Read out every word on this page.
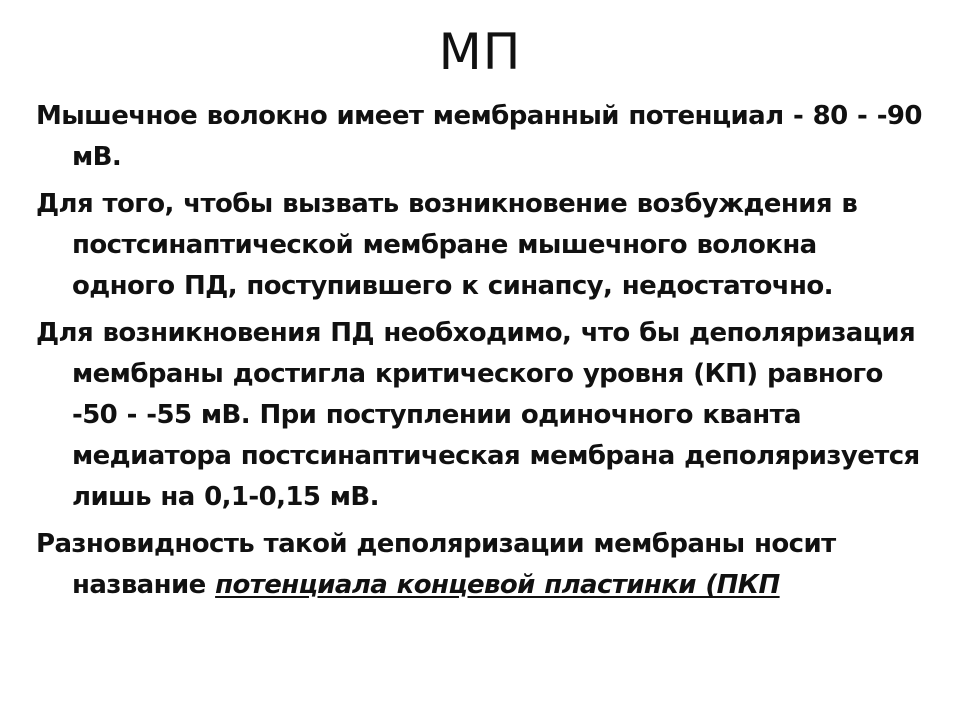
МП

Мышечное волокно имеет мембранный потенциал - 80 - -90 мВ.

Для того, чтобы вызвать возникновение возбуждения в постсинаптической мембране мышечного волокна одного ПД, поступившего к синапсу, недостаточно.

Для возникновения ПД необходимо, что бы деполяризация мембраны достигла критического уровня (КП) равного -50 - -55 мВ. При поступлении одиночного кванта медиатора постсинаптическая мембрана деполяризуется лишь на 0,1-0,15 мВ.

Разновидность такой деполяризации мембраны носит название потенциала концевой пластинки (ПКП
